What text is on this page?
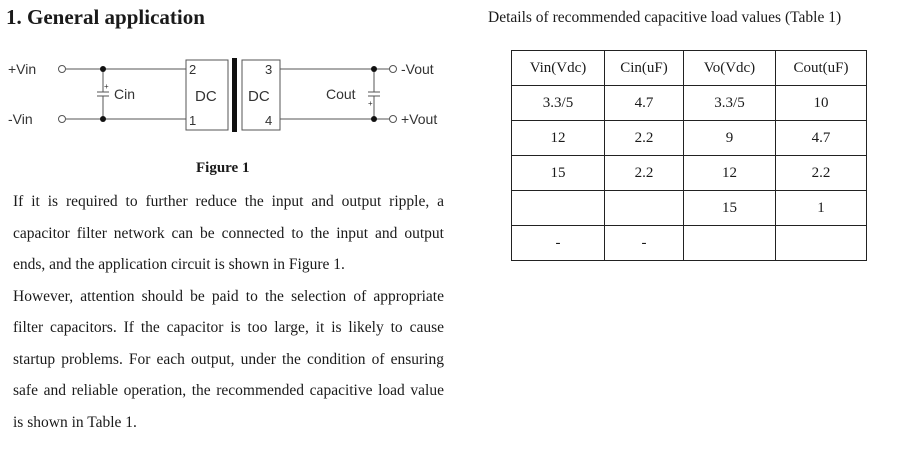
1. General application
+Vin
-Vin
+ Cin
2
1
DC DC
3
4
Cout
+
-Vout
+Vout
Figure 1

If it is required to further reduce the input and output ripple, a capacitor filter network can be connected to the input and output ends, and the application circuit is shown in Figure 1.

However, attention should be paid to the selection of appropriate filter capacitors. If the capacitor is too large, it is likely to cause startup problems. For each output, under the condition of ensuring safe and reliable operation, the recommended capacitive load value is shown in Table 1.

Details of recommended capacitive load values (Table 1)
Vin(Vdc)	Cin(uF)	Vo(Vdc)	Cout(uF)
3.3/5	4.7	3.3/5	10
12	2.2	9	4.7
15	2.2	12	2.2
		15	1
-	-		
